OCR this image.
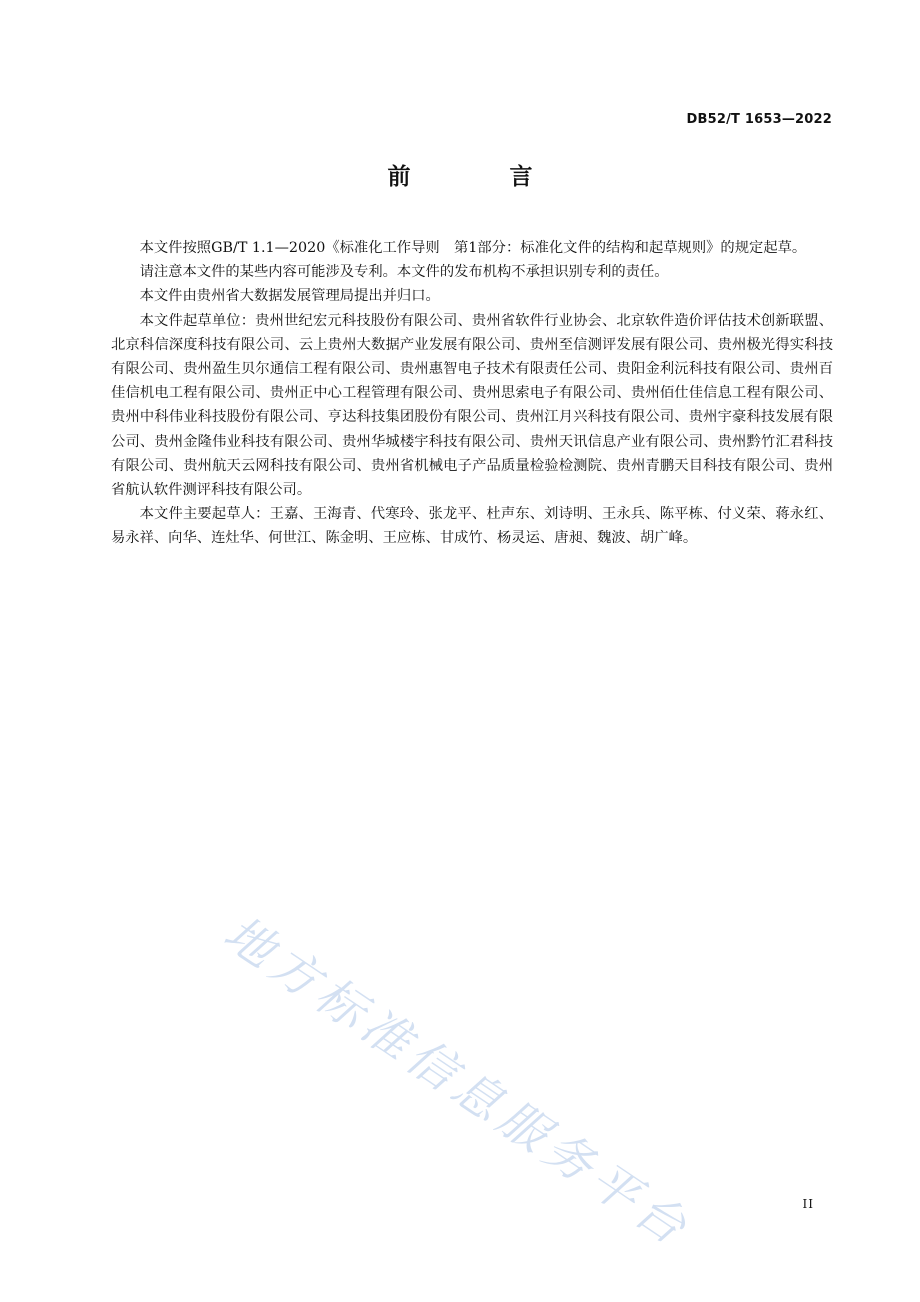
DB52/T 1653—2022
前　言

本文件按照GB/T 1.1—2020《标准化工作导则　第1部分：标准化文件的结构和起草规则》的规定起草。

请注意本文件的某些内容可能涉及专利。本文件的发布机构不承担识别专利的责任。

本文件由贵州省大数据发展管理局提出并归口。

本文件起草单位：贵州世纪宏元科技股份有限公司、贵州省软件行业协会、北京软件造价评估技术创新联盟、北京科信深度科技有限公司、云上贵州大数据产业发展有限公司、贵州至信测评发展有限公司、贵州极光得实科技有限公司、贵州盈生贝尔通信工程有限公司、贵州惠智电子技术有限责任公司、贵阳金利沅科技有限公司、贵州百佳信机电工程有限公司、贵州正中心工程管理有限公司、贵州思索电子有限公司、贵州佰仕佳信息工程有限公司、贵州中科伟业科技股份有限公司、亨达科技集团股份有限公司、贵州江月兴科技有限公司、贵州宇豪科技发展有限公司、贵州金隆伟业科技有限公司、贵州华城楼宇科技有限公司、贵州天讯信息产业有限公司、贵州黔竹汇君科技有限公司、贵州航天云网科技有限公司、贵州省机械电子产品质量检验检测院、贵州青鹏天目科技有限公司、贵州省航认软件测评科技有限公司。

本文件主要起草人：王嘉、王海青、代寒玲、张龙平、杜声东、刘诗明、王永兵、陈平栋、付义荣、蒋永红、易永祥、向华、连灶华、何世江、陈金明、王应栋、甘成竹、杨灵运、唐昶、魏波、胡广峰。

地方标准信息服务平台	II
